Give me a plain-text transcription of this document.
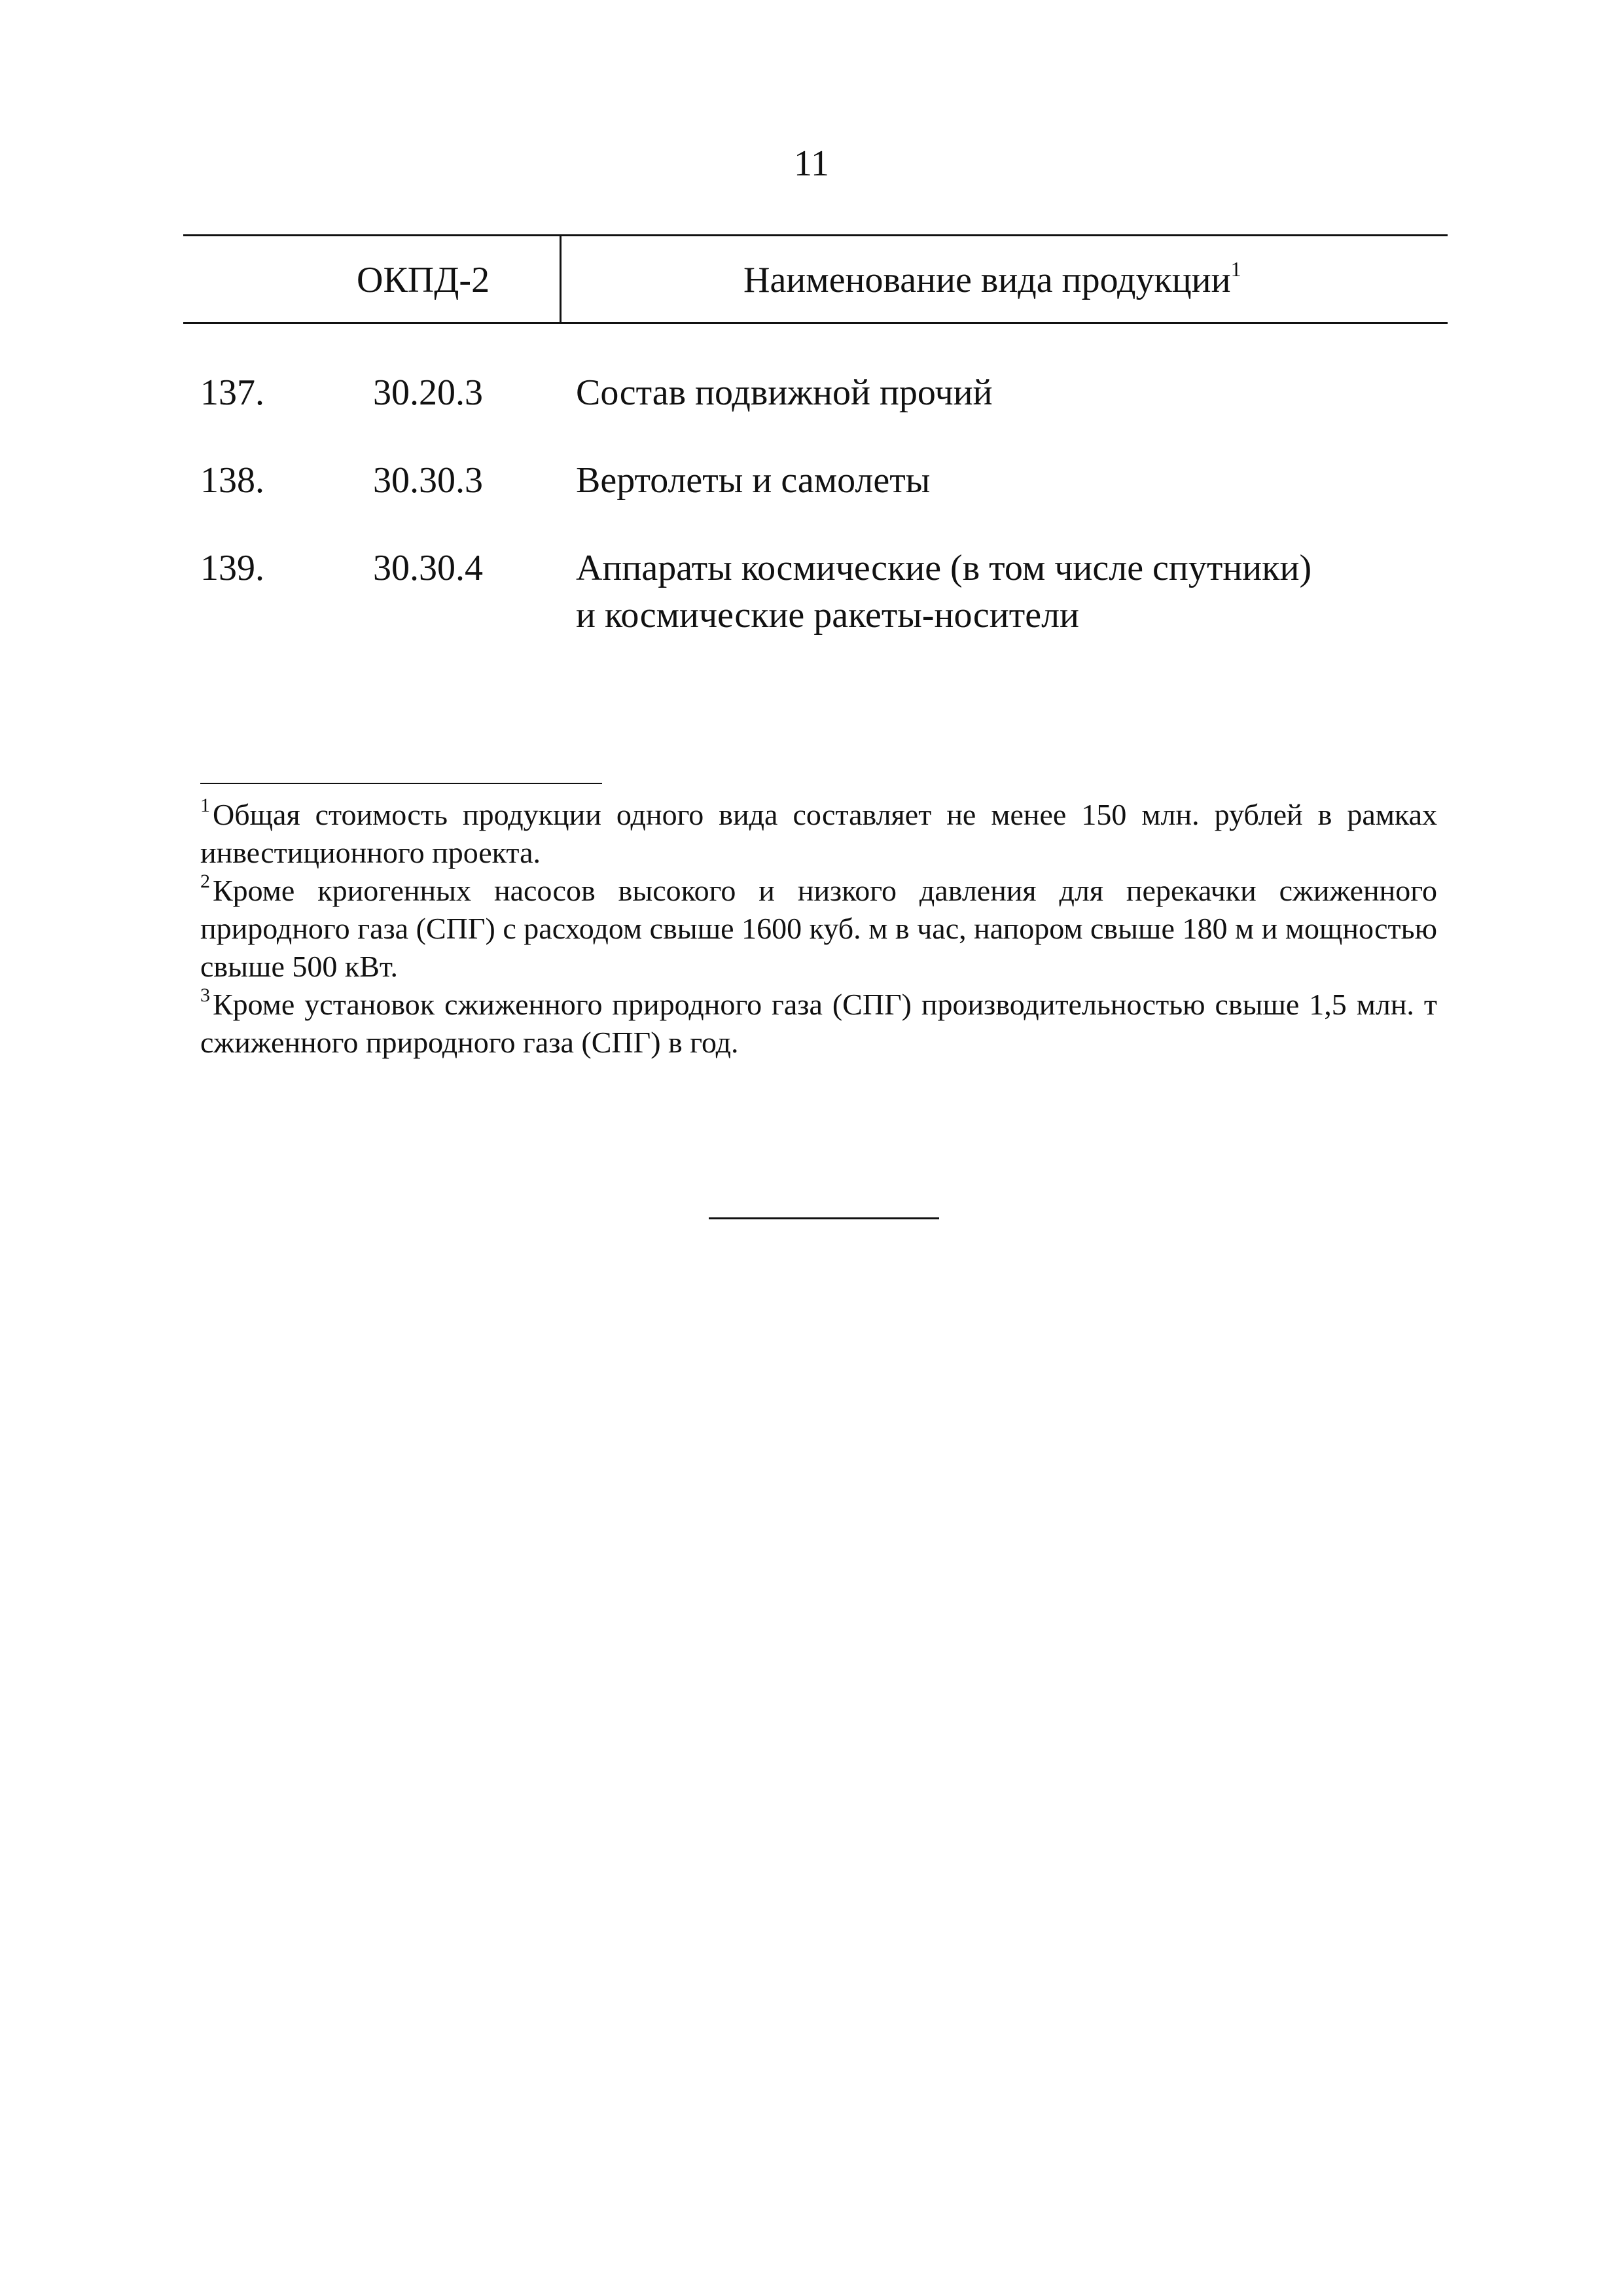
11
ОКПД-2	Наименование вида продукции$^1$
137.	30.20.3	Состав подвижной прочий
138.	30.30.3	Вертолеты и самолеты
139.	30.30.4	Аппараты космические (в том числе спутники)
и космические ракеты-носители

$^1$Общая стоимость продукции одного вида составляет не менее 150 млн. рублей в рамках инвестиционного проекта.

$^2$Кроме криогенных насосов высокого и низкого давления для перекачки сжиженного природного газа (СПГ) с расходом свыше 1600 куб. м в час, напором свыше 180 м и мощностью свыше 500 кВт.

$^3$Кроме установок сжиженного природного газа (СПГ) производительностью свыше 1,5 млн. т сжиженного природного газа (СПГ) в год.
